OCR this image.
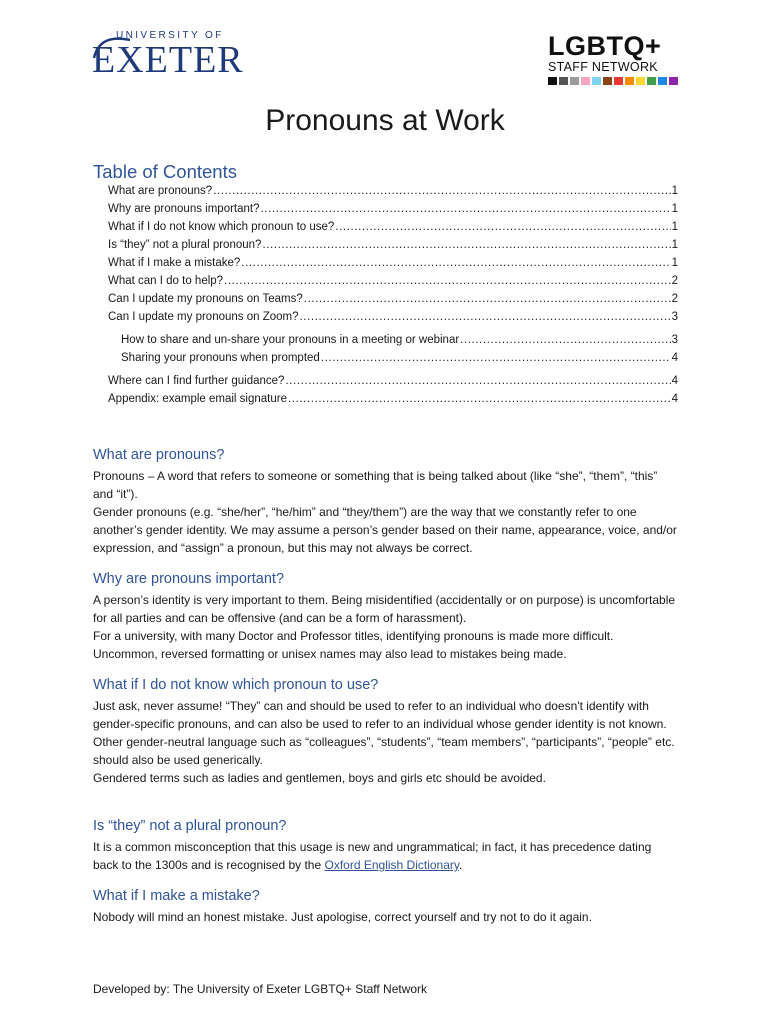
UNIVERSITY OF
EXETER	LGBTQ+
STAFF NETWORK
Pronouns at Work
Table of Contents
What are pronouns? .....	1
Why are pronouns important? .....	1
What if I do not know which pronoun to use? .....	1
Is “they” not a plural pronoun? .....	1
What if I make a mistake? .....	1
What can I do to help? .....	2
Can I update my pronouns on Teams? .....	2
Can I update my pronouns on Zoom? .....	3
How to share and un-share your pronouns in a meeting or webinar .....	3
Sharing your pronouns when prompted .....	4
Where can I find further guidance? .....	4
Appendix: example email signature .....	4
What are pronouns?

Pronouns – A word that refers to someone or something that is being talked about (like “she”, “them”, “this” and “it”).

Gender pronouns (e.g. “she/her”, “he/him” and “they/them”) are the way that we constantly refer to one another’s gender identity. We may assume a person’s gender based on their name, appearance, voice, and/or expression, and “assign” a pronoun, but this may not always be correct.

Why are pronouns important?

A person’s identity is very important to them. Being misidentified (accidentally or on purpose) is uncomfortable for all parties and can be offensive (and can be a form of harassment).

For a university, with many Doctor and Professor titles, identifying pronouns is made more difficult. Uncommon, reversed formatting or unisex names may also lead to mistakes being made.

What if I do not know which pronoun to use?

Just ask, never assume! “They” can and should be used to refer to an individual who doesn't identify with gender-specific pronouns, and can also be used to refer to an individual whose gender identity is not known.

Other gender-neutral language such as “colleagues”, “students”, “team members”, “participants”, “people” etc. should also be used generically.

Gendered terms such as ladies and gentlemen, boys and girls etc should be avoided.

Is “they” not a plural pronoun?

It is a common misconception that this usage is new and ungrammatical; in fact, it has precedence dating back to the 1300s and is recognised by the Oxford English Dictionary.

What if I make a mistake?

Nobody will mind an honest mistake. Just apologise, correct yourself and try not to do it again.

Developed by: The University of Exeter LGBTQ+ Staff Network
